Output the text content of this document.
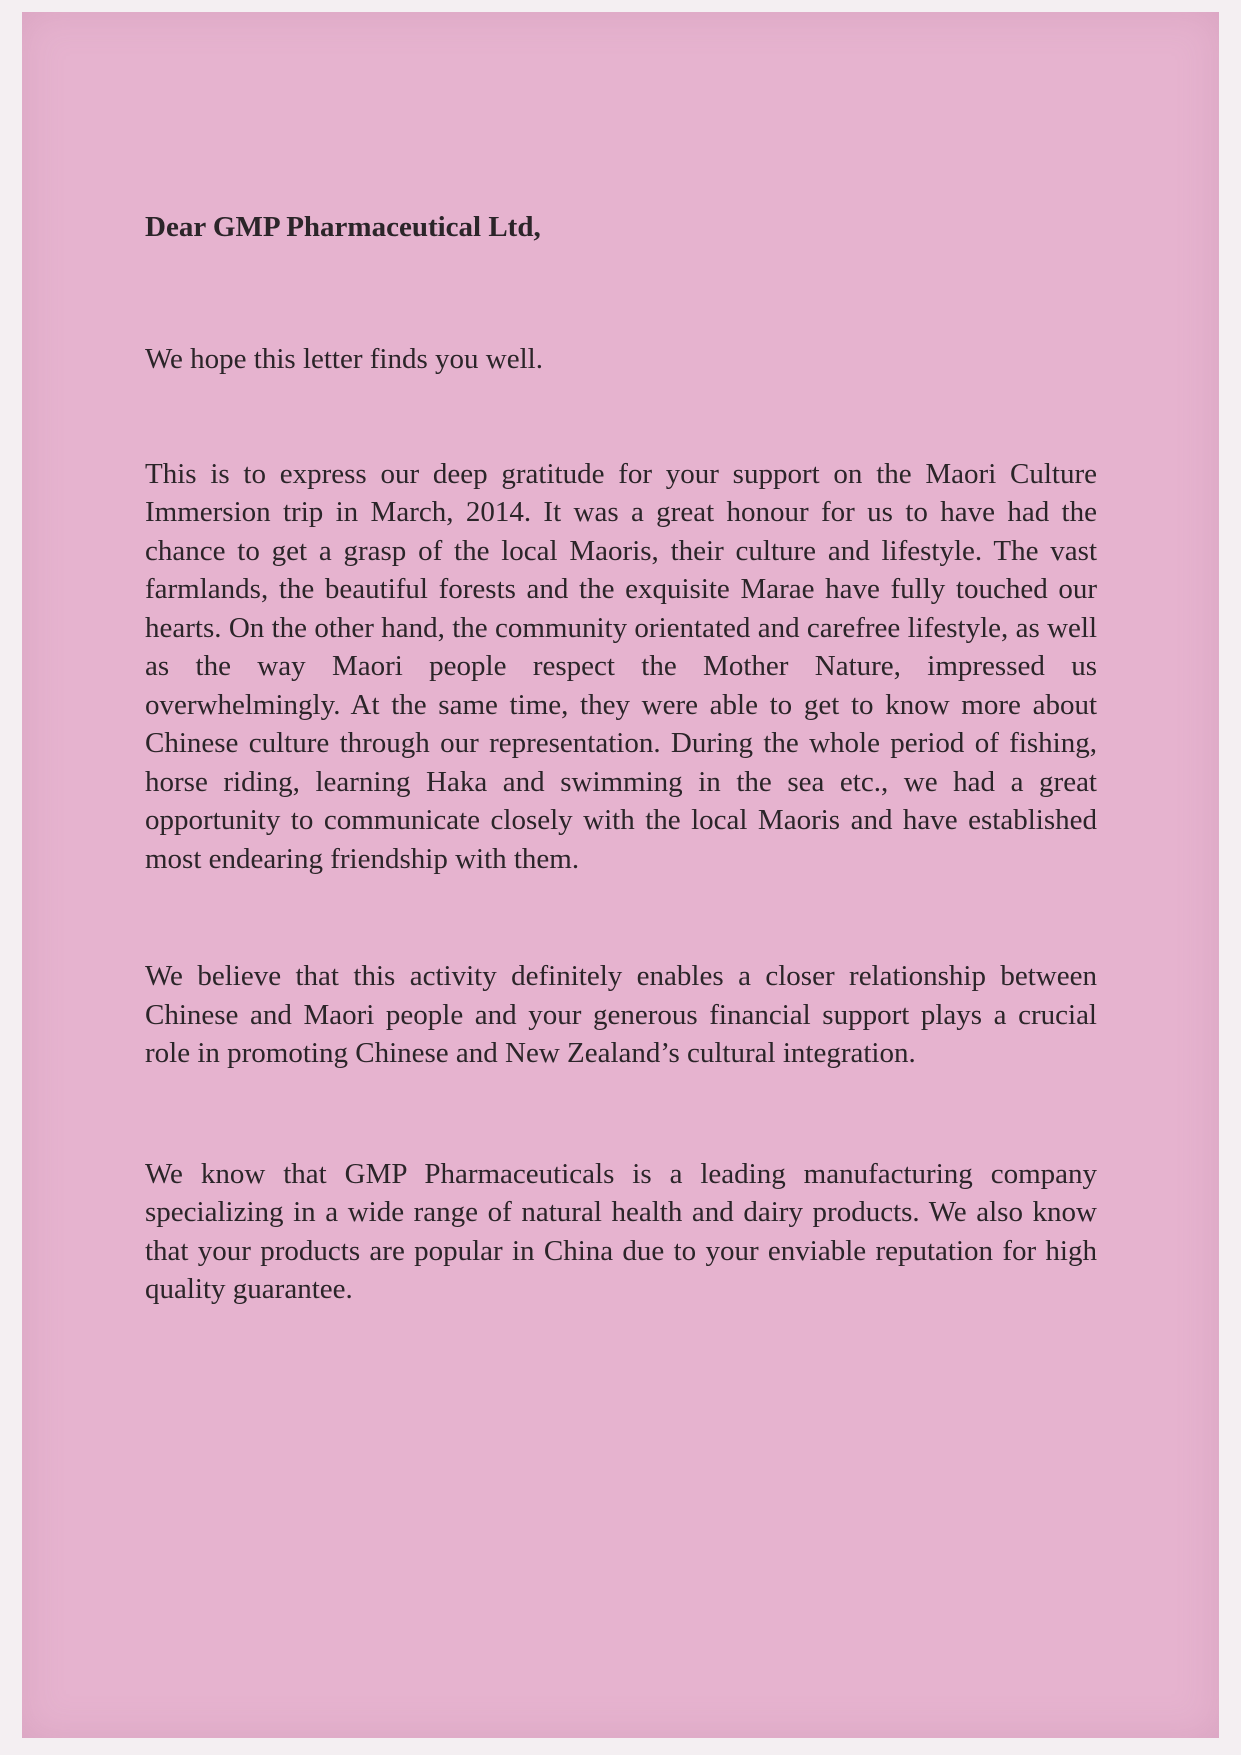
Dear GMP Pharmaceutical Ltd,

We hope this letter finds you well.

This is to express our deep gratitude for your support on the Maori Culture Immersion trip in March, 2014. It was a great honour for us to have had the chance to get a grasp of the local Maoris, their culture and lifestyle. The vast farmlands, the beautiful forests and the exquisite Marae have fully touched our hearts. On the other hand, the community orientated and carefree lifestyle, as well as the way Maori people respect the Mother Nature, impressed us overwhelmingly. At the same time, they were able to get to know more about Chinese culture through our representation. During the whole period of fishing, horse riding, learning Haka and swimming in the sea etc., we had a great opportunity to communicate closely with the local Maoris and have established most endearing friendship with them.

We believe that this activity definitely enables a closer relationship between Chinese and Maori people and your generous financial support plays a crucial role in promoting Chinese and New Zealand’s cultural integration.

We know that GMP Pharmaceuticals is a leading manufacturing company specializing in a wide range of natural health and dairy products. We also know that your products are popular in China due to your enviable reputation for high quality guarantee.
